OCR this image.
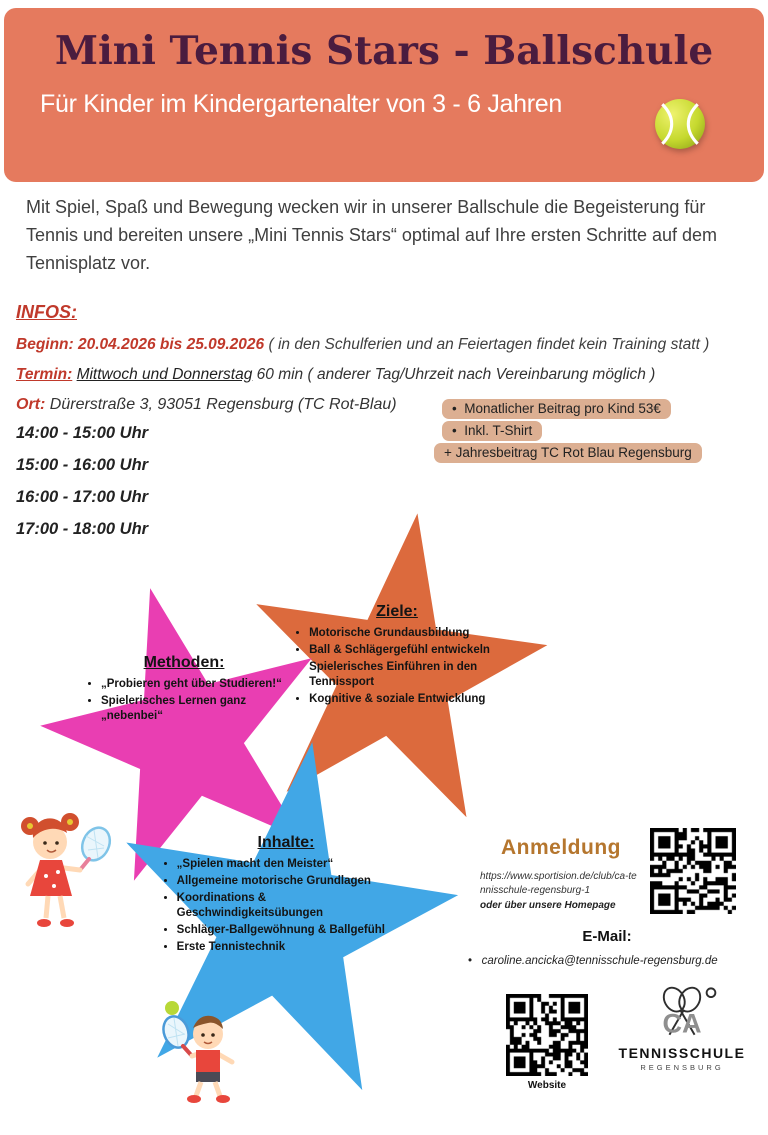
Mini Tennis Stars - Ballschule
Für Kinder im Kindergartenalter von 3 - 6 Jahren
Mit Spiel, Spaß und Bewegung wecken wir in unserer Ballschule die Begeisterung für Tennis und bereiten unsere „Mini Tennis Stars“ optimal auf Ihre ersten Schritte auf dem Tennisplatz vor.
INFOS:
Beginn: 20.04.2026 bis 25.09.2026 ( in den Schulferien und an Feiertagen findet kein Training statt )
Termin: Mittwoch und Donnerstag 60 min ( anderer Tag/Uhrzeit nach Vereinbarung möglich )
Ort: Dürerstraße 3, 93051 Regensburg (TC Rot-Blau)
14:00 - 15:00 Uhr
15:00 - 16:00 Uhr
16:00 - 17:00 Uhr
17:00 - 18:00 Uhr
• Monatlicher Beitrag pro Kind 53€
• Inkl. T-Shirt
+ Jahresbeitrag TC Rot Blau Regensburg
Ziele:
• Motorische Grundausbildung
• Ball & Schlägergefühl entwickeln
• Spielerisches Einführen in den Tennissport
• Kognitive & soziale Entwicklung
Methoden:
• „Probieren geht über Studieren!“
• Spielerisches Lernen ganz „nebenbei“
Inhalte:
• „Spielen macht den Meister“
• Allgemeine motorische Grundlagen
• Koordinations & Geschwindigkeitsübungen
• Schläger-Ballgewöhnung & Ballgefühl
• Erste Tennistechnik
Anmeldung
https://www.sportision.de/club/ca-tennisschule-regensburg-1
oder über unsere Homepage
E-Mail:
• caroline.ancicka@tennisschule-regensburg.de
Website
CA
TENNISSCHULE
REGENSBURG
